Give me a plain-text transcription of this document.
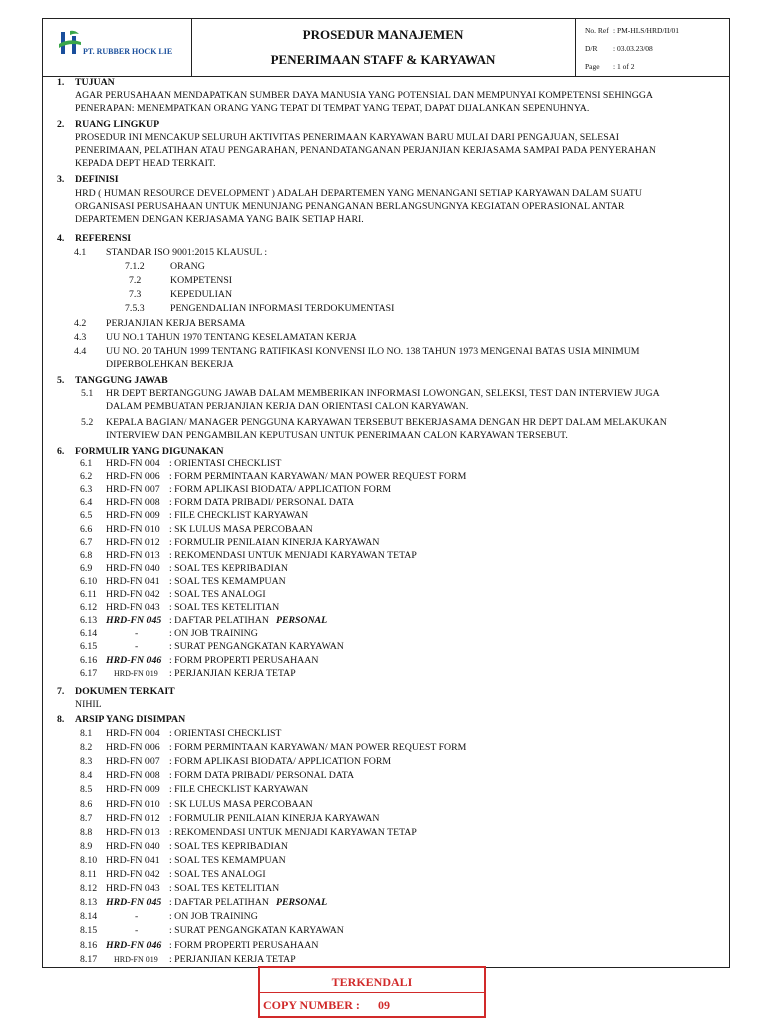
PT. RUBBER HOCK LIE
PROSEDUR MANAJEMEN
PENERIMAAN STAFF & KARYAWAN
No. Ref : PM-HLS/HRD/II/01
D/R : 03.03.23/08
Page : 1 of 2
1. TUJUAN
AGAR PERUSAHAAN MENDAPATKAN SUMBER DAYA MANUSIA YANG POTENSIAL DAN MEMPUNYAI KOMPETENSI SEHINGGA
PENERAPAN: MENEMPATKAN ORANG YANG TEPAT DI TEMPAT YANG TEPAT, DAPAT DIJALANKAN SEPENUHNYA.
2. RUANG LINGKUP
PROSEDUR INI MENCAKUP SELURUH AKTIVITAS PENERIMAAN KARYAWAN BARU MULAI DARI PENGAJUAN, SELESAI
PENERIMAAN, PELATIHAN ATAU PENGARAHAN, PENANDATANGANAN PERJANJIAN KERJASAMA SAMPAI PADA PENYERAHAN
KEPADA DEPT HEAD TERKAIT.
3. DEFINISI
HRD ( HUMAN RESOURCE DEVELOPMENT ) ADALAH DEPARTEMEN YANG MENANGANI SETIAP KARYAWAN DALAM SUATU
ORGANISASI PERUSAHAAN UNTUK MENUNJANG PENANGANAN BERLANGSUNGNYA KEGIATAN OPERASIONAL ANTAR
DEPARTEMEN DENGAN KERJASAMA YANG BAIK SETIAP HARI.
4. REFERENSI
4.1 STANDAR ISO 9001:2015 KLAUSUL :
7.1.2	ORANG
7.2	KOMPETENSI
7.3	KEPEDULIAN
7.5.3	PENGENDALIAN INFORMASI TERDOKUMENTASI
4.2 PERJANJIAN KERJA BERSAMA
4.3 UU NO.1 TAHUN 1970 TENTANG KESELAMATAN KERJA
4.4 UU NO. 20 TAHUN 1999 TENTANG RATIFIKASI KONVENSI ILO NO. 138 TAHUN 1973 MENGENAI BATAS USIA MINIMUM
DIPERBOLEHKAN BEKERJA
5. TANGGUNG JAWAB
5.1 HR DEPT BERTANGGUNG JAWAB DALAM MEMBERIKAN INFORMASI LOWONGAN, SELEKSI, TEST DAN INTERVIEW JUGA
DALAM PEMBUATAN PERJANJIAN KERJA DAN ORIENTASI CALON KARYAWAN.
5.2 KEPALA BAGIAN/ MANAGER PENGGUNA KARYAWAN TERSEBUT BEKERJASAMA DENGAN HR DEPT DALAM MELAKUKAN
INTERVIEW DAN PENGAMBILAN KEPUTUSAN UNTUK PENERIMAAN CALON KARYAWAN TERSEBUT.
6. FORMULIR YANG DIGUNAKAN
6.1 HRD-FN 004 : ORIENTASI CHECKLIST
6.2 HRD-FN 006 : FORM PERMINTAAN KARYAWAN/ MAN POWER REQUEST FORM
6.3 HRD-FN 007 : FORM APLIKASI BIODATA/ APPLICATION FORM
6.4 HRD-FN 008 : FORM DATA PRIBADI/ PERSONAL DATA
6.5 HRD-FN 009 : FILE CHECKLIST KARYAWAN
6.6 HRD-FN 010 : SK LULUS MASA PERCOBAAN
6.7 HRD-FN 012 : FORMULIR PENILAIAN KINERJA KARYAWAN
6.8 HRD-FN 013 : REKOMENDASI UNTUK MENJADI KARYAWAN TETAP
6.9 HRD-FN 040 : SOAL TES KEPRIBADIAN
6.10 HRD-FN 041 : SOAL TES KEMAMPUAN
6.11 HRD-FN 042 : SOAL TES ANALOGI
6.12 HRD-FN 043 : SOAL TES KETELITIAN
6.13 HRD-FN 045 : DAFTAR PELATIHAN PERSONAL
6.14	-	: ON JOB TRAINING
6.15	-	: SURAT PENGANGKATAN KARYAWAN
6.16 HRD-FN 046 : FORM PROPERTI PERUSAHAAN
6.17 HRD-FN 019 : PERJANJIAN KERJA TETAP
7. DOKUMEN TERKAIT
NIHIL
8. ARSIP YANG DISIMPAN
8.1 HRD-FN 004 : ORIENTASI CHECKLIST
8.2 HRD-FN 006 : FORM PERMINTAAN KARYAWAN/ MAN POWER REQUEST FORM
8.3 HRD-FN 007 : FORM APLIKASI BIODATA/ APPLICATION FORM
8.4 HRD-FN 008 : FORM DATA PRIBADI/ PERSONAL DATA
8.5 HRD-FN 009 : FILE CHECKLIST KARYAWAN
8.6 HRD-FN 010 : SK LULUS MASA PERCOBAAN
8.7 HRD-FN 012 : FORMULIR PENILAIAN KINERJA KARYAWAN
8.8 HRD-FN 013 : REKOMENDASI UNTUK MENJADI KARYAWAN TETAP
8.9 HRD-FN 040 : SOAL TES KEPRIBADIAN
8.10 HRD-FN 041 : SOAL TES KEMAMPUAN
8.11 HRD-FN 042 : SOAL TES ANALOGI
8.12 HRD-FN 043 : SOAL TES KETELITIAN
8.13 HRD-FN 045 : DAFTAR PELATIHAN PERSONAL
8.14	-	: ON JOB TRAINING
8.15	-	: SURAT PENGANGKATAN KARYAWAN
8.16 HRD-FN 046 : FORM PROPERTI PERUSAHAAN
8.17 HRD-FN 019 : PERJANJIAN KERJA TETAP
TERKENDALI
COPY NUMBER : 09
